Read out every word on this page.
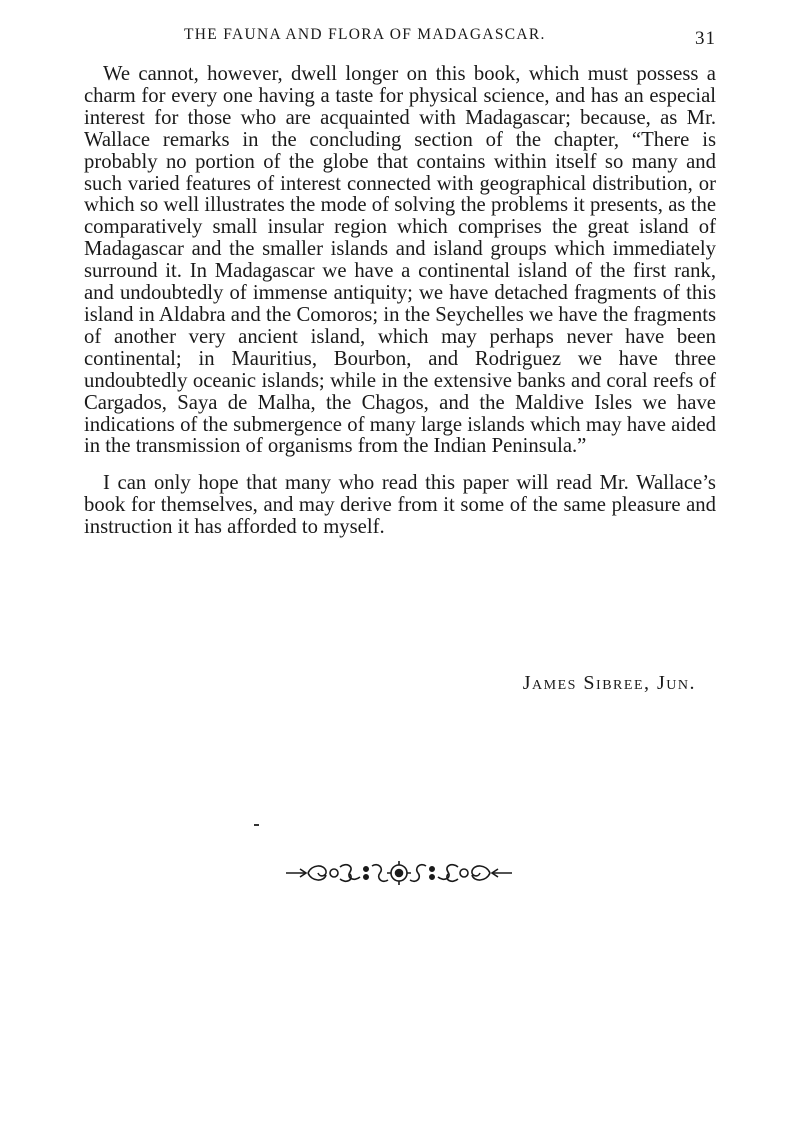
THE FAUNA AND FLORA OF MADAGASCAR.	31

We cannot, however, dwell longer on this book, which must possess a charm for every one having a taste for physical science, and has an especial interest for those who are acquainted with Madagascar; because, as Mr. Wallace remarks in the concluding section of the chapter, “There is probably no portion of the globe that contains within itself so many and such varied features of interest connected with geographical distribution, or which so well illustrates the mode of solving the problems it presents, as the comparatively small insular region which comprises the great island of Madagascar and the smaller islands and island groups which immediately surround it. In Madagascar we have a continental island of the first rank, and undoubtedly of immense antiquity; we have detached fragments of this island in Aldabra and the Comoros; in the Seychelles we have the fragments of another very ancient island, which may perhaps never have been continental; in Mauritius, Bourbon, and Rodriguez we have three undoubtedly oceanic islands; while in the extensive banks and coral reefs of Cargados, Saya de Malha, the Chagos, and the Maldive Isles we have indications of the submergence of many large islands which may have aided in the transmission of organisms from the Indian Peninsula.”

I can only hope that many who read this paper will read Mr. Wallace’s book for themselves, and may derive from it some of the same pleasure and instruction it has afforded to myself.

James Sibree, Jun.
